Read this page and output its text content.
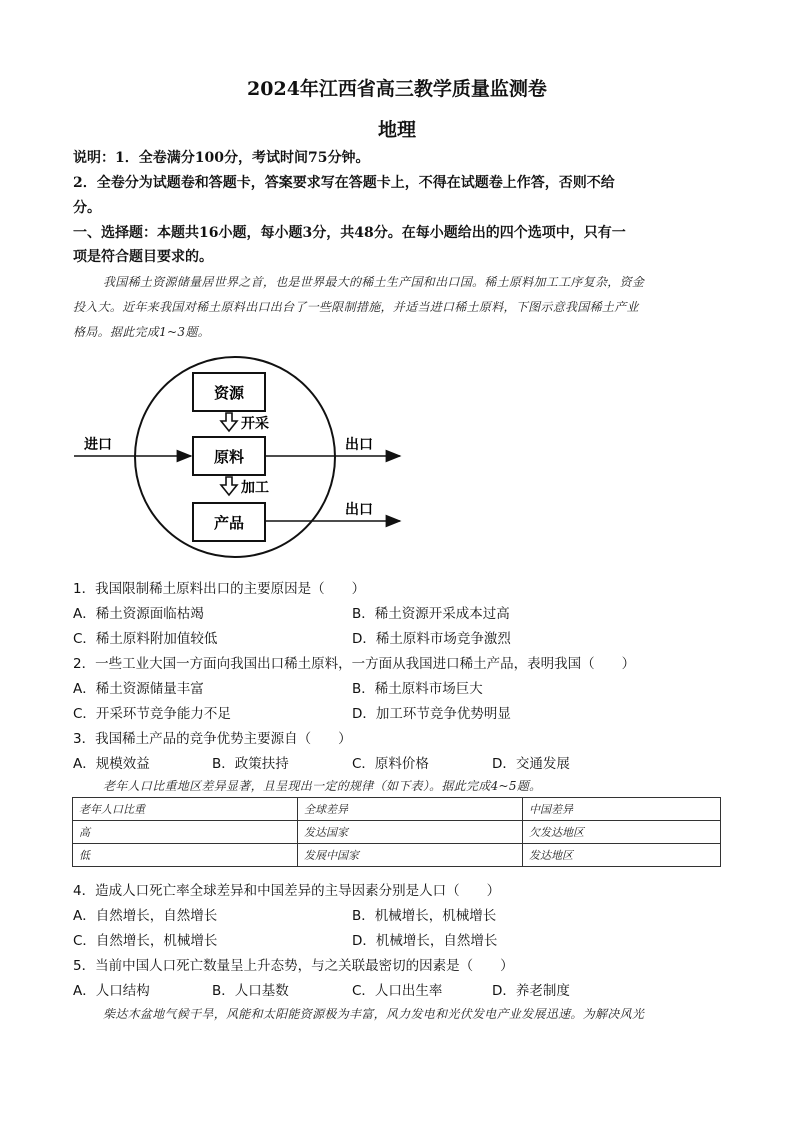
2024年江西省高三教学质量监测卷
地理
说明：1．全卷满分100分，考试时间75分钟。
2．全卷分为试题卷和答题卡，答案要求写在答题卡上，不得在试题卷上作答，否则不给
分。
一、选择题：本题共16小题，每小题3分，共48分。在每小题给出的四个选项中，只有一
项是符合题目要求的。
我国稀土资源储量居世界之首，也是世界最大的稀土生产国和出口国。稀土原料加工工序复杂，资金
投入大。近年来我国对稀土原料出口出台了一些限制措施，并适当进口稀土原料，下图示意我国稀土产业
格局。据此完成1~3题。
资源
原料
产品
开采
加工
进口	出口
出口
1．我国限制稀土原料出口的主要原因是（　　）
A．稀土资源面临枯竭	B．稀土资源开采成本过高
C．稀土原料附加值较低	D．稀土原料市场竞争激烈
2．一些工业大国一方面向我国出口稀土原料，一方面从我国进口稀土产品，表明我国（　　）
A．稀土资源储量丰富	B．稀土原料市场巨大
C．开采环节竞争能力不足	D．加工环节竞争优势明显
3．我国稀土产品的竞争优势主要源自（　　）
A．规模效益	B．政策扶持	C．原料价格	D．交通发展
老年人口比重地区差异显著，且呈现出一定的规律（如下表）。据此完成4~5题。
老年人口比重	全球差异	中国差异
高	发达国家	欠发达地区
低	发展中国家	发达地区
4．造成人口死亡率全球差异和中国差异的主导因素分别是人口（　　）
A．自然增长，自然增长	B．机械增长，机械增长
C．自然增长，机械增长	D．机械增长，自然增长
5．当前中国人口死亡数量呈上升态势，与之关联最密切的因素是（　　）
A．人口结构	B．人口基数	C．人口出生率	D．养老制度
柴达木盆地气候干旱，风能和太阳能资源极为丰富，风力发电和光伏发电产业发展迅速。为解决风光
